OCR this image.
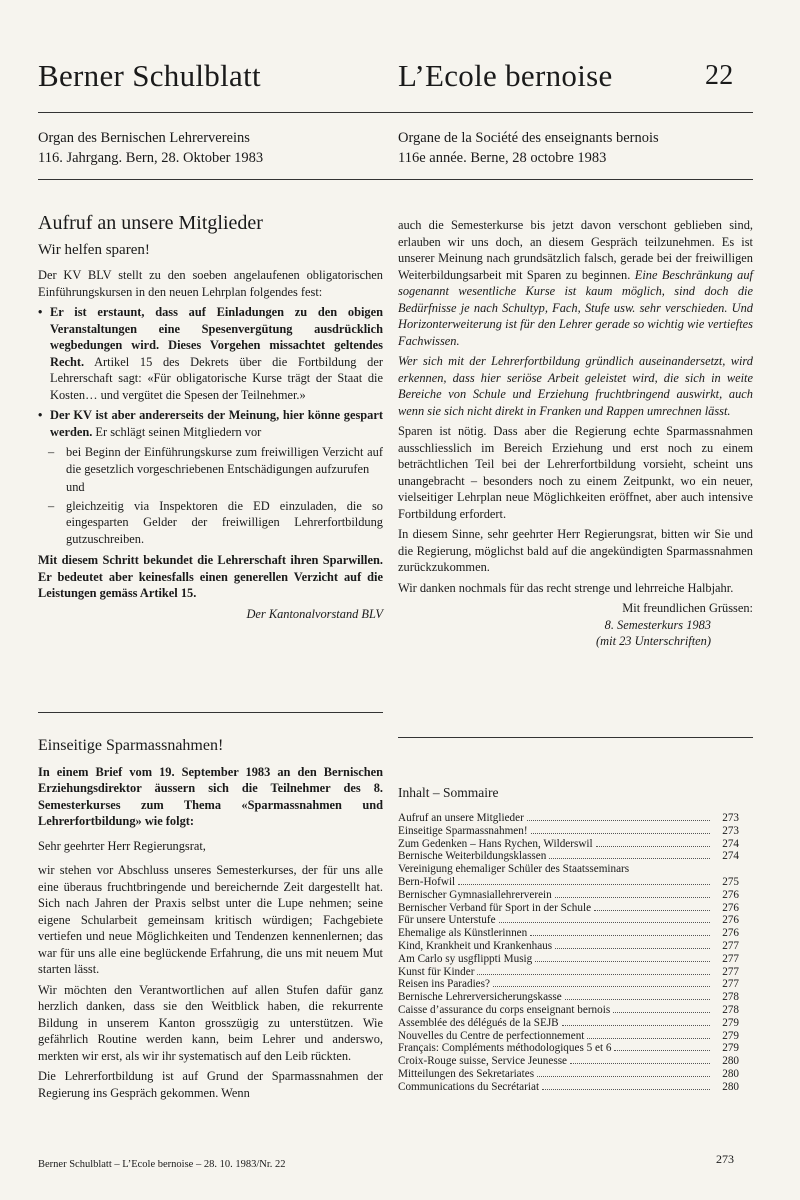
Berner Schulblatt	L’Ecole bernoise	22
Organ des Bernischen Lehrervereins
116. Jahrgang. Bern, 28. Oktober 1983
Organe de la Société des enseignants bernois
116e année. Berne, 28 octobre 1983
Aufruf an unsere Mitglieder
Wir helfen sparen!

Der KV BLV stellt zu den soeben angelaufenen obligatorischen Einführungskursen in den neuen Lehrplan folgendes fest:

• Er ist erstaunt, dass auf Einladungen zu den obigen Veranstaltungen eine Spesenvergütung ausdrücklich wegbedungen wird. Dieses Vorgehen missachtet geltendes Recht. Artikel 15 des Dekrets über die Fortbildung der Lehrerschaft sagt: «Für obligatorische Kurse trägt der Staat die Kosten… und vergütet die Spesen der Teilnehmer.»
• Der KV ist aber andererseits der Meinung, hier könne gespart werden. Er schlägt seinen Mitgliedern vor
– bei Beginn der Einführungskurse zum freiwilligen Verzicht auf die gesetzlich vorgeschriebenen Entschädigungen aufzurufen
und
– gleichzeitig via Inspektoren die ED einzuladen, die so eingesparten Gelder der freiwilligen Lehrerfortbildung gutzuschreiben.

Mit diesem Schritt bekundet die Lehrerschaft ihren Sparwillen. Er bedeutet aber keinesfalls einen generellen Verzicht auf die Leistungen gemäss Artikel 15.

Der Kantonalvorstand BLV

Einseitige Sparmassnahmen!

In einem Brief vom 19. September 1983 an den Bernischen Erziehungsdirektor äussern sich die Teilnehmer des 8. Semesterkurses zum Thema «Sparmassnahmen und Lehrerfortbildung» wie folgt:

Sehr geehrter Herr Regierungsrat,

wir stehen vor Abschluss unseres Semesterkurses, der für uns alle eine überaus fruchtbringende und bereichernde Zeit dargestellt hat. Sich nach Jahren der Praxis selbst unter die Lupe nehmen; seine eigene Schularbeit gemeinsam kritisch würdigen; Fachgebiete vertiefen und neue Möglichkeiten und Tendenzen kennenlernen; das war für uns alle eine beglückende Erfahrung, die uns mit neuem Mut starten lässt.

Wir möchten den Verantwortlichen auf allen Stufen dafür ganz herzlich danken, dass sie den Weitblick haben, die rekurrente Bildung in unserem Kanton grosszügig zu unterstützen. Wie gefährlich Routine werden kann, beim Lehrer und anderswo, merkten wir erst, als wir ihr systematisch auf den Leib rückten.

Die Lehrerfortbildung ist auf Grund der Sparmassnahmen der Regierung ins Gespräch gekommen. Wenn

auch die Semesterkurse bis jetzt davon verschont geblieben sind, erlauben wir uns doch, an diesem Gespräch teilzunehmen. Es ist unserer Meinung nach grundsätzlich falsch, gerade bei der freiwilligen Weiterbildungsarbeit mit Sparen zu beginnen. Eine Beschränkung auf sogenannt wesentliche Kurse ist kaum möglich, sind doch die Bedürfnisse je nach Schultyp, Fach, Stufe usw. sehr verschieden. Und Horizonterweiterung ist für den Lehrer gerade so wichtig wie vertieftes Fachwissen.

Wer sich mit der Lehrerfortbildung gründlich auseinandersetzt, wird erkennen, dass hier seriöse Arbeit geleistet wird, die sich in weite Bereiche von Schule und Erziehung fruchtbringend auswirkt, auch wenn sie sich nicht direkt in Franken und Rappen umrechnen lässt.

Sparen ist nötig. Dass aber die Regierung echte Sparmassnahmen ausschliesslich im Bereich Erziehung und erst noch zu einem beträchtlichen Teil bei der Lehrerfortbildung vorsieht, scheint uns unangebracht – besonders noch zu einem Zeitpunkt, wo ein neuer, vielseitiger Lehrplan neue Möglichkeiten eröffnet, aber auch intensive Fortbildung erfordert.

In diesem Sinne, sehr geehrter Herr Regierungsrat, bitten wir Sie und die Regierung, möglichst bald auf die angekündigten Sparmassnahmen zurückzukommen.

Wir danken nochmals für das recht strenge und lehrreiche Halbjahr.

Mit freundlichen Grüssen:
8. Semesterkurs 1983
(mit 23 Unterschriften)
Inhalt – Sommaire
Aufruf an unsere Mitglieder	273
Einseitige Sparmassnahmen!	273
Zum Gedenken – Hans Rychen, Wilderswil	274
Bernische Weiterbildungsklassen	274
Vereinigung ehemaliger Schüler des Staatsseminars
Bern-Hofwil	275
Bernischer Gymnasiallehrerverein	276
Bernischer Verband für Sport in der Schule	276
Für unsere Unterstufe	276
Ehemalige als Künstlerinnen	276
Kind, Krankheit und Krankenhaus	277
Am Carlo sy usgflippti Musig	277
Kunst für Kinder	277
Reisen ins Paradies?	277
Bernische Lehrerversicherungskasse	278
Caisse d’assurance du corps enseignant bernois	278
Assemblée des délégués de la SEJB	279
Nouvelles du Centre de perfectionnement	279
Français: Compléments méthodologiques 5 et 6	279
Croix-Rouge suisse, Service Jeunesse	280
Mitteilungen des Sekretariates	280
Communications du Secrétariat	280
Berner Schulblatt – L’Ecole bernoise – 28. 10. 1983/Nr. 22	273
